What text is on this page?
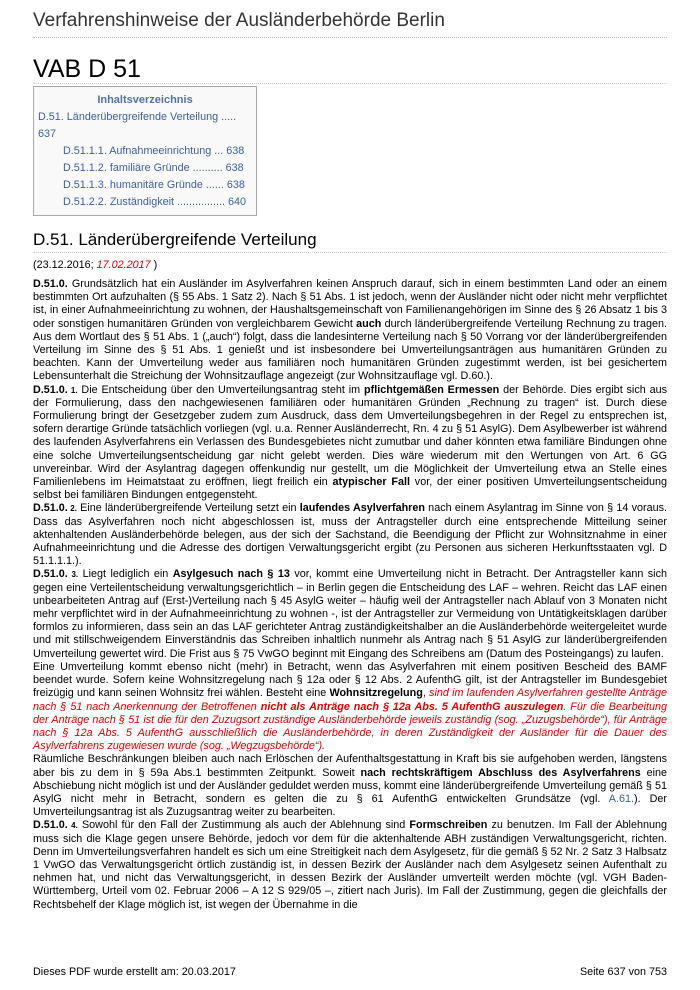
Verfahrenshinweise der Ausländerbehörde Berlin
VAB D 51
Inhaltsverzeichnis
D.51. Länderübergreifende Verteilung .....
637
D.51.1.1. Aufnahmeeinrichtung ... 638
D.51.1.2. familiäre Gründe .......... 638
D.51.1.3. humanitäre Gründe ...... 638
D.51.2.2. Zuständigkeit ................ 640
D.51. Länderübergreifende Verteilung
(23.12.2016; 17.02.2017 )

D.51.0. Grundsätzlich hat ein Ausländer im Asylverfahren keinen Anspruch darauf, sich in einem bestimmten Land oder an einem bestimmten Ort aufzuhalten (§ 55 Abs. 1 Satz 2). Nach § 51 Abs. 1 ist jedoch, wenn der Ausländer nicht oder nicht mehr verpflichtet ist, in einer Aufnahmeeinrichtung zu wohnen, der Haushaltsgemeinschaft von Familienangehörigen im Sinne des § 26 Absatz 1 bis 3 oder sonstigen humanitären Gründen von vergleichbarem Gewicht auch durch länderübergreifende Verteilung Rechnung zu tragen. Aus dem Wortlaut des § 51 Abs. 1 („auch“) folgt, dass die landesinterne Verteilung nach § 50 Vorrang vor der länderübergreifenden Verteilung im Sinne des § 51 Abs. 1 genießt und ist insbesondere bei Umverteilungsanträgen aus humanitären Gründen zu beachten. Kann der Umverteilung weder aus familiären noch humanitären Gründen zugestimmt werden, ist bei gesichertem Lebensunterhalt die Streichung der Wohnsitzauflage angezeigt (zur Wohnsitzauflage vgl. D.60.).

D.51.0. 1. Die Entscheidung über den Umverteilungsantrag steht im pflichtgemäßen Ermessen der Behörde. Dies ergibt sich aus der Formulierung, dass den nachgewiesenen familiären oder humanitären Gründen „Rechnung zu tragen“ ist. Durch diese Formulierung bringt der Gesetzgeber zudem zum Ausdruck, dass dem Umverteilungsbegehren in der Regel zu entsprechen ist, sofern derartige Gründe tatsächlich vorliegen (vgl. u.a. Renner Ausländerrecht, Rn. 4 zu § 51 AsylG). Dem Asylbewerber ist während des laufenden Asylverfahrens ein Verlassen des Bundesgebietes nicht zumutbar und daher könnten etwa familiäre Bindungen ohne eine solche Umverteilungsentscheidung gar nicht gelebt werden. Dies wäre wiederum mit den Wertungen von Art. 6 GG unvereinbar. Wird der Asylantrag dagegen offenkundig nur gestellt, um die Möglichkeit der Umverteilung etwa an Stelle eines Familienlebens im Heimatstaat zu eröffnen, liegt freilich ein atypischer Fall vor, der einer positiven Umverteilungsentscheidung selbst bei familiären Bindungen entgegensteht.

D.51.0. 2. Eine länderübergreifende Verteilung setzt ein laufendes Asylverfahren nach einem Asylantrag im Sinne von § 14 voraus. Dass das Asylverfahren noch nicht abgeschlossen ist, muss der Antragsteller durch eine entsprechende Mitteilung seiner aktenhaltenden Ausländerbehörde belegen, aus der sich der Sachstand, die Beendigung der Pflicht zur Wohnsitznahme in einer Aufnahmeeinrichtung und die Adresse des dortigen Verwaltungsgericht ergibt (zu Personen aus sicheren Herkunftsstaaten vgl. D 51.1.1.1.).

D.51.0. 3. Liegt lediglich ein Asylgesuch nach § 13 vor, kommt eine Umverteilung nicht in Betracht. Der Antragsteller kann sich gegen eine Verteilentscheidung verwaltungsgerichtlich – in Berlin gegen die Entscheidung des LAF – wehren. Reicht das LAF einen unbearbeiteten Antrag auf (Erst-)Verteilung nach § 45 AsylG weiter – häufig weil der Antragsteller nach Ablauf von 3 Monaten nicht mehr verpflichtet wird in der Aufnahmeeinrichtung zu wohnen -, ist der Antragsteller zur Vermeidung von Untätigkeitsklagen darüber formlos zu informieren, dass sein an das LAF gerichteter Antrag zuständigkeitshalber an die Ausländerbehörde weitergeleitet wurde und mit stillschweigendem Einverständnis das Schreiben inhaltlich nunmehr als Antrag nach § 51 AsylG zur länderübergreifenden Umverteilung gewertet wird. Die Frist aus § 75 VwGO beginnt mit Eingang des Schreibens am (Datum des Posteingangs) zu laufen.

Eine Umverteilung kommt ebenso nicht (mehr) in Betracht, wenn das Asylverfahren mit einem positiven Bescheid des BAMF beendet wurde. Sofern keine Wohnsitzregelung nach § 12a oder § 12 Abs. 2 AufenthG gilt, ist der Antragsteller im Bundesgebiet freizügig und kann seinen Wohnsitz frei wählen. Besteht eine Wohnsitzregelung, sind im laufenden Asylverfahren gestellte Anträge nach § 51 nach Anerkennung der Betroffenen nicht als Anträge nach § 12a Abs. 5 AufenthG auszulegen. Für die Bearbeitung der Anträge nach § 51 ist die für den Zuzugsort zuständige Ausländerbehörde jeweils zuständig (sog. „Zuzugsbehörde“), für Anträge nach § 12a Abs. 5 AufenthG ausschließlich die Ausländerbehörde, in deren Zuständigkeit der Ausländer für die Dauer des Asylverfahrens zugewiesen wurde (sog. „Wegzugsbehörde“).

Räumliche Beschränkungen bleiben auch nach Erlöschen der Aufenthaltsgestattung in Kraft bis sie aufgehoben werden, längstens aber bis zu dem in § 59a Abs.1 bestimmten Zeitpunkt. Soweit nach rechtskräftigem Abschluss des Asylverfahrens eine Abschiebung nicht möglich ist und der Ausländer geduldet werden muss, kommt eine länderübergreifende Umverteilung gemäß § 51 AsylG nicht mehr in Betracht, sondern es gelten die zu § 61 AufenthG entwickelten Grundsätze (vgl. A.61.). Der Umverteilungsantrag ist als Zuzugsantrag weiter zu bearbeiten.

D.51.0. 4. Sowohl für den Fall der Zustimmung als auch der Ablehnung sind Formschreiben zu benutzen. Im Fall der Ablehnung muss sich die Klage gegen unsere Behörde, jedoch vor dem für die aktenhaltende ABH zuständigen Verwaltungsgericht, richten. Denn im Umverteilungsverfahren handelt es sich um eine Streitigkeit nach dem Asylgesetz, für die gemäß § 52 Nr. 2 Satz 3 Halbsatz 1 VwGO das Verwaltungsgericht örtlich zuständig ist, in dessen Bezirk der Ausländer nach dem Asylgesetz seinen Aufenthalt zu nehmen hat, und nicht das Verwaltungsgericht, in dessen Bezirk der Ausländer umverteilt werden möchte (vgl. VGH Baden-Württemberg, Urteil vom 02. Februar 2006 – A 12 S 929/05 –, zitiert nach Juris). Im Fall der Zustimmung, gegen die gleichfalls der Rechtsbehelf der Klage möglich ist, ist wegen der Übernahme in die

Dieses PDF wurde erstellt am: 20.03.2017	Seite 637 von 753
